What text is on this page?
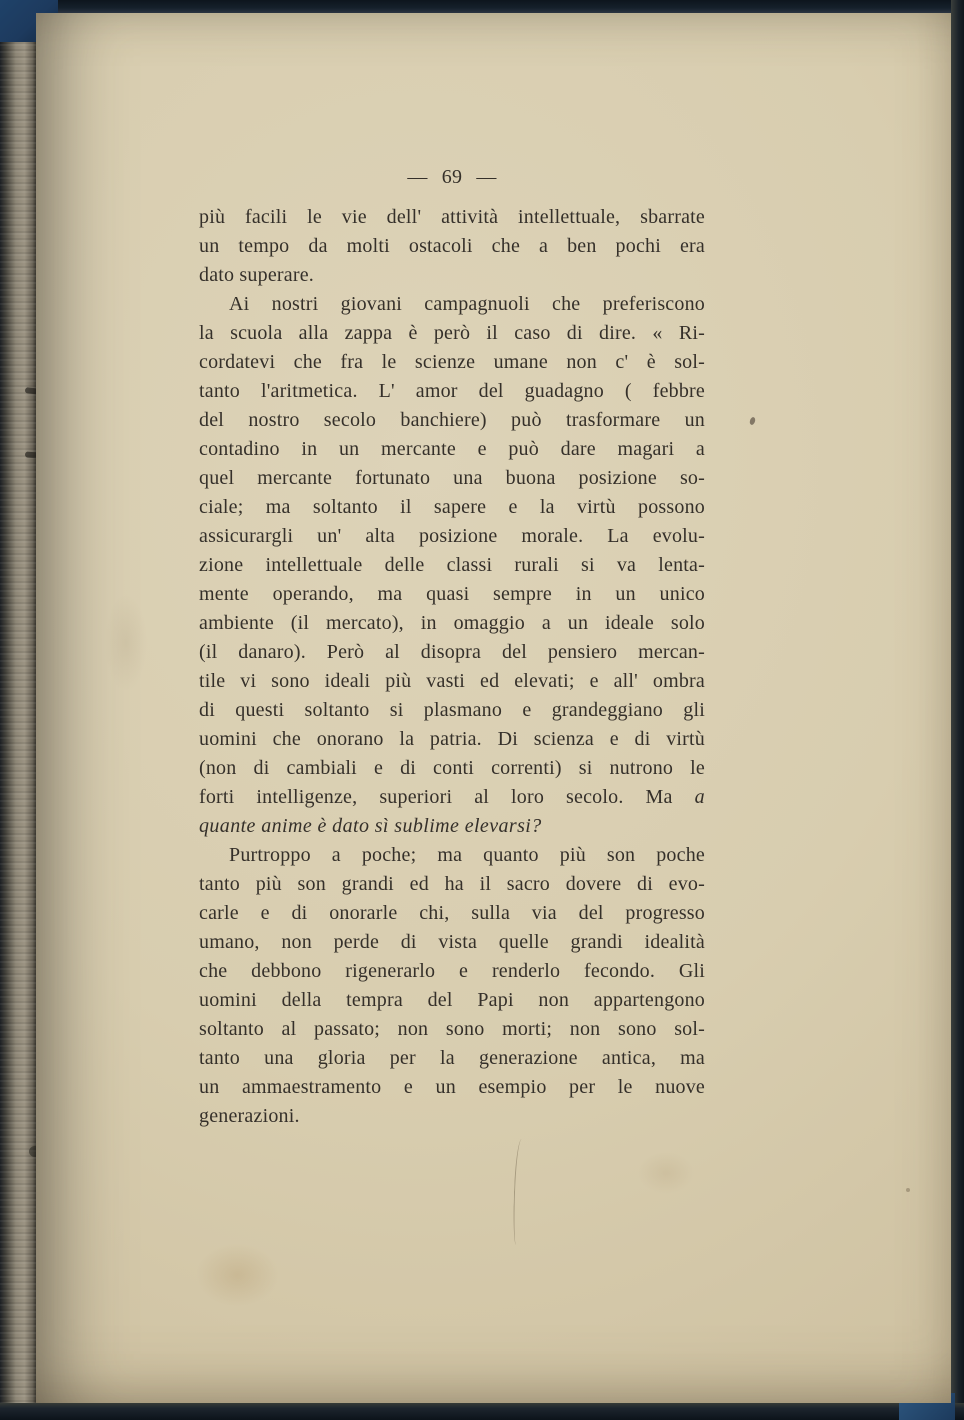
— 69 —
più facili le vie dell' attività intellettuale, sbarrate
un tempo da molti ostacoli che a ben pochi era
dato superare.
Ai nostri giovani campagnuoli che preferiscono
la scuola alla zappa è però il caso di dire. « Ri-
cordatevi che fra le scienze umane non c' è sol-
tanto l'aritmetica. L' amor del guadagno ( febbre
del nostro secolo banchiere) può trasformare un
contadino in un mercante e può dare magari a
quel mercante fortunato una buona posizione so-
ciale; ma soltanto il sapere e la virtù possono
assicurargli un' alta posizione morale. La evolu-
zione intellettuale delle classi rurali si va lenta-
mente operando, ma quasi sempre in un unico
ambiente (il mercato), in omaggio a un ideale solo
(il danaro). Però al disopra del pensiero mercan-
tile vi sono ideali più vasti ed elevati; e all' ombra
di questi soltanto si plasmano e grandeggiano gli
uomini che onorano la patria. Di scienza e di virtù
(non di cambiali e di conti correnti) si nutrono le
forti intelligenze, superiori al loro secolo. Ma a
quante anime è dato sì sublime elevarsi?
Purtroppo a poche; ma quanto più son poche
tanto più son grandi ed ha il sacro dovere di evo-
carle e di onorarle chi, sulla via del progresso
umano, non perde di vista quelle grandi idealità
che debbono rigenerarlo e renderlo fecondo. Gli
uomini della tempra del Papi non appartengono
soltanto al passato; non sono morti; non sono sol-
tanto una gloria per la generazione antica, ma
un ammaestramento e un esempio per le nuove
generazioni.
